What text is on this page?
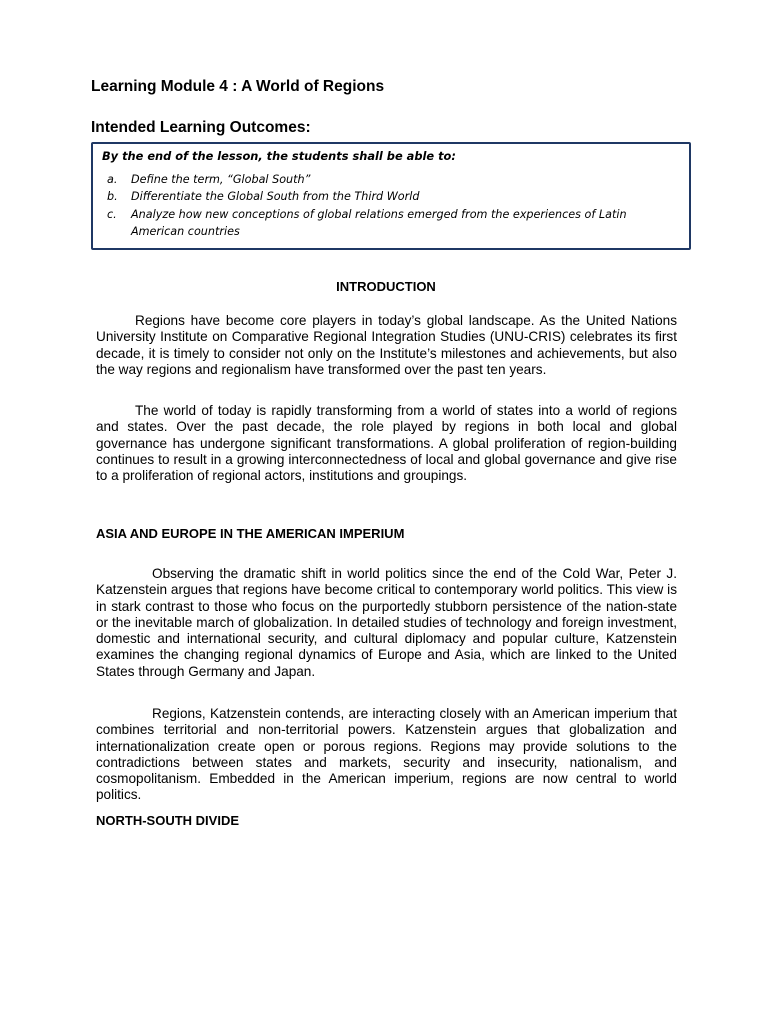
Learning Module 4 : A World of Regions
Intended Learning Outcomes:

By the end of the lesson, the students shall be able to:

a.	Define the term, “Global South”
b.	Differentiate the Global South from the Third World
c.	Analyze how new conceptions of global relations emerged from the experiences of Latin American countries
INTRODUCTION

Regions have become core players in today’s global landscape. As the United Nations University Institute on Comparative Regional Integration Studies (UNU-CRIS) celebrates its first decade, it is timely to consider not only on the Institute’s milestones and achievements, but also the way regions and regionalism have transformed over the past ten years.

The world of today is rapidly transforming from a world of states into a world of regions and states. Over the past decade, the role played by regions in both local and global governance has undergone significant transformations. A global proliferation of region-building continues to result in a growing interconnectedness of local and global governance and give rise to a proliferation of regional actors, institutions and groupings.

ASIA AND EUROPE IN THE AMERICAN IMPERIUM

Observing the dramatic shift in world politics since the end of the Cold War, Peter J. Katzenstein argues that regions have become critical to contemporary world politics. This view is in stark contrast to those who focus on the purportedly stubborn persistence of the nation-state or the inevitable march of globalization. In detailed studies of technology and foreign investment, domestic and international security, and cultural diplomacy and popular culture, Katzenstein examines the changing regional dynamics of Europe and Asia, which are linked to the United States through Germany and Japan.

Regions, Katzenstein contends, are interacting closely with an American imperium that combines territorial and non-territorial powers. Katzenstein argues that globalization and internationalization create open or porous regions. Regions may provide solutions to the contradictions between states and markets, security and insecurity, nationalism, and cosmopolitanism. Embedded in the American imperium, regions are now central to world politics.

NORTH-SOUTH DIVIDE
